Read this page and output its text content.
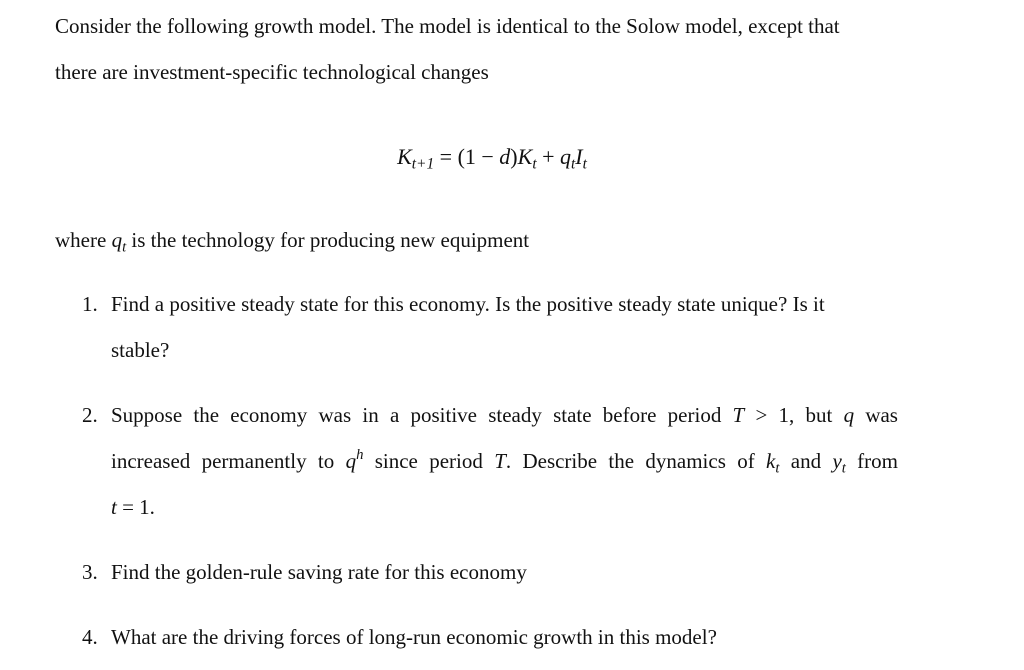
Consider the following growth model. The model is identical to the Solow model, except that
there are investment-specific technological changes
$K_{t+1} = (1 - d)K_t + q_tI_t$
where $q_t$ is the technology for producing new equipment
1. Find a positive steady state for this economy. Is the positive steady state unique? Is it
stable?
2. Suppose the economy was in a positive steady state before period T > 1, but q was
increased permanently to $q^h$ since period T. Describe the dynamics of $k_t$ and $y_t$ from
t = 1.
3. Find the golden-rule saving rate for this economy
4. What are the driving forces of long-run economic growth in this model?
